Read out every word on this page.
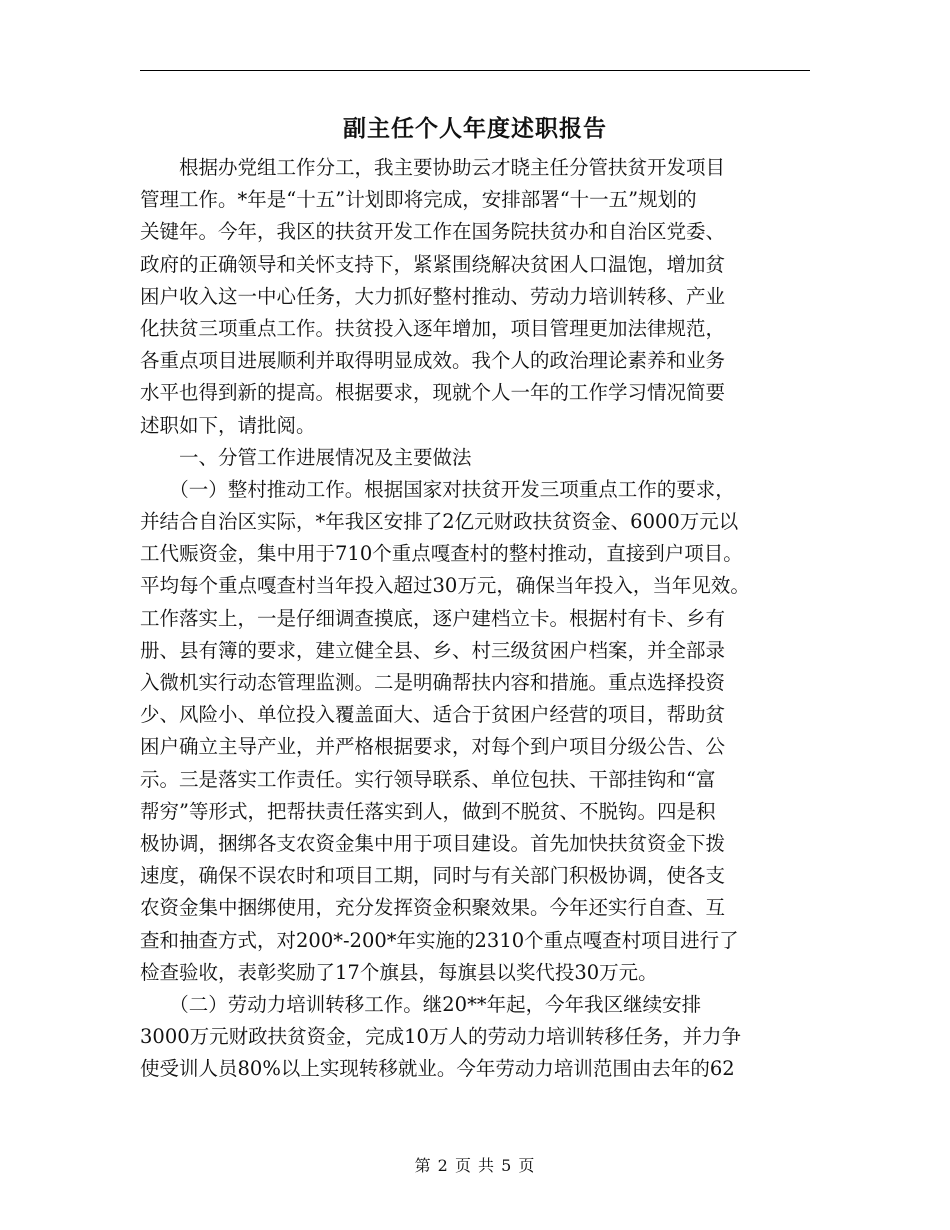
副主任个人年度述职报告
　　根据办党组工作分工，我主要协助云才晓主任分管扶贫开发项目
管理工作。*年是“十五”计划即将完成，安排部署“十一五”规划的
关键年。今年，我区的扶贫开发工作在国务院扶贫办和自治区党委、
政府的正确领导和关怀支持下，紧紧围绕解决贫困人口温饱，增加贫
困户收入这一中心任务，大力抓好整村推动、劳动力培训转移、产业
化扶贫三项重点工作。扶贫投入逐年增加，项目管理更加法律规范，
各重点项目进展顺利并取得明显成效。我个人的政治理论素养和业务
水平也得到新的提高。根据要求，现就个人一年的工作学习情况简要
述职如下，请批阅。
　　一、分管工作进展情况及主要做法
　　（一）整村推动工作。根据国家对扶贫开发三项重点工作的要求，
并结合自治区实际，*年我区安排了2亿元财政扶贫资金、6000万元以
工代赈资金，集中用于710个重点嘎查村的整村推动，直接到户项目。
平均每个重点嘎查村当年投入超过30万元，确保当年投入，当年见效。
工作落实上，一是仔细调查摸底，逐户建档立卡。根据村有卡、乡有
册、县有簿的要求，建立健全县、乡、村三级贫困户档案，并全部录
入微机实行动态管理监测。二是明确帮扶内容和措施。重点选择投资
少、风险小、单位投入覆盖面大、适合于贫困户经营的项目，帮助贫
困户确立主导产业，并严格根据要求，对每个到户项目分级公告、公
示。三是落实工作责任。实行领导联系、单位包扶、干部挂钩和“富
帮穷”等形式，把帮扶责任落实到人，做到不脱贫、不脱钩。四是积
极协调，捆绑各支农资金集中用于项目建设。首先加快扶贫资金下拨
速度，确保不误农时和项目工期，同时与有关部门积极协调，使各支
农资金集中捆绑使用，充分发挥资金积聚效果。今年还实行自查、互
查和抽查方式，对200*-200*年实施的2310个重点嘎查村项目进行了
检查验收，表彰奖励了17个旗县，每旗县以奖代投30万元。
　　（二）劳动力培训转移工作。继20**年起，今年我区继续安排
3000万元财政扶贫资金，完成10万人的劳动力培训转移任务，并力争
使受训人员80%以上实现转移就业。今年劳动力培训范围由去年的62
第 2 页 共 5 页
